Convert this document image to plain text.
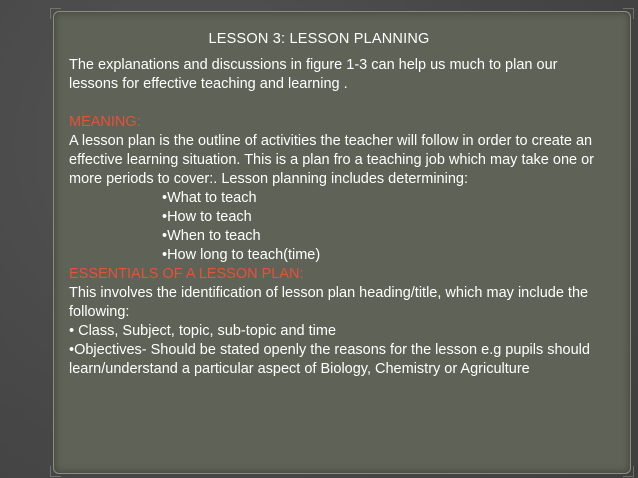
LESSON 3: LESSON PLANNING

The explanations and discussions in figure 1-3 can help us much to plan our lessons for effective teaching and learning .

MEANING:

A lesson plan is the outline of activities the teacher will follow in order to create an effective learning situation. This is a plan fro a teaching job which may take one or more periods to cover:. Lesson planning includes determining:

•What to teach
•How to teach
•When to teach
•How long to teach(time)

ESSENTIALS OF A LESSON PLAN:

This involves the identification of lesson plan heading/title, which may include the following:

• Class, Subject, topic, sub-topic and time

•Objectives- Should be stated openly the reasons for the lesson e.g pupils should learn/understand a particular aspect of Biology, Chemistry or Agriculture
